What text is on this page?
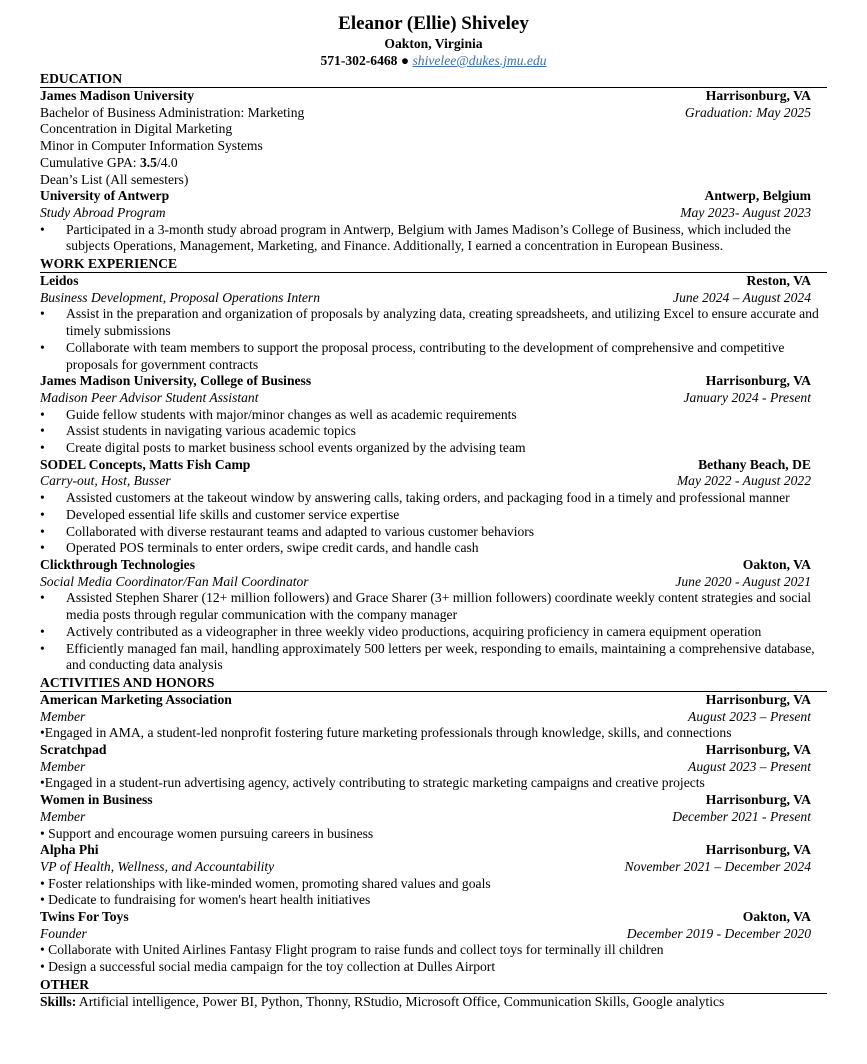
Eleanor (Ellie) Shiveley
Oakton, Virginia
571-302-6468 ● shivelee@dukes.jmu.edu
EDUCATION
James Madison University	Harrisonburg, VA
Bachelor of Business Administration: Marketing	Graduation: May 2025
Concentration in Digital Marketing
Minor in Computer Information Systems
Cumulative GPA: 3.5/4.0
Dean’s List (All semesters)
University of Antwerp	Antwerp, Belgium
Study Abroad Program	May 2023- August 2023
• Participated in a 3-month study abroad program in Antwerp, Belgium with James Madison’s College of Business, which included the subjects Operations, Management, Marketing, and Finance. Additionally, I earned a concentration in European Business.
WORK EXPERIENCE
Leidos	Reston, VA
Business Development, Proposal Operations Intern	June 2024 – August 2024
• Assist in the preparation and organization of proposals by analyzing data, creating spreadsheets, and utilizing Excel to ensure accurate and timely submissions
• Collaborate with team members to support the proposal process, contributing to the development of comprehensive and competitive proposals for government contracts
James Madison University, College of Business	Harrisonburg, VA
Madison Peer Advisor Student Assistant	January 2024 - Present
• Guide fellow students with major/minor changes as well as academic requirements
• Assist students in navigating various academic topics
• Create digital posts to market business school events organized by the advising team
SODEL Concepts, Matts Fish Camp	Bethany Beach, DE
Carry-out, Host, Busser	May 2022 - August 2022
• Assisted customers at the takeout window by answering calls, taking orders, and packaging food in a timely and professional manner
• Developed essential life skills and customer service expertise
• Collaborated with diverse restaurant teams and adapted to various customer behaviors
• Operated POS terminals to enter orders, swipe credit cards, and handle cash
Clickthrough Technologies	Oakton, VA
Social Media Coordinator/Fan Mail Coordinator	June 2020 - August 2021
• Assisted Stephen Sharer (12+ million followers) and Grace Sharer (3+ million followers) coordinate weekly content strategies and social media posts through regular communication with the company manager
• Actively contributed as a videographer in three weekly video productions, acquiring proficiency in camera equipment operation
• Efficiently managed fan mail, handling approximately 500 letters per week, responding to emails, maintaining a comprehensive database, and conducting data analysis
ACTIVITIES AND HONORS
American Marketing Association	Harrisonburg, VA
Member	August 2023 – Present
•Engaged in AMA, a student-led nonprofit fostering future marketing professionals through knowledge, skills, and connections
Scratchpad	Harrisonburg, VA
Member	August 2023 – Present
•Engaged in a student-run advertising agency, actively contributing to strategic marketing campaigns and creative projects
Women in Business	Harrisonburg, VA
Member	December 2021 - Present
• Support and encourage women pursuing careers in business
Alpha Phi	Harrisonburg, VA
VP of Health, Wellness, and Accountability	November 2021 – December 2024
• Foster relationships with like-minded women, promoting shared values and goals
• Dedicate to fundraising for women's heart health initiatives
Twins For Toys	Oakton, VA
Founder	December 2019 - December 2020
• Collaborate with United Airlines Fantasy Flight program to raise funds and collect toys for terminally ill children
• Design a successful social media campaign for the toy collection at Dulles Airport
OTHER
Skills: Artificial intelligence, Power BI, Python, Thonny, RStudio, Microsoft Office, Communication Skills, Google analytics
